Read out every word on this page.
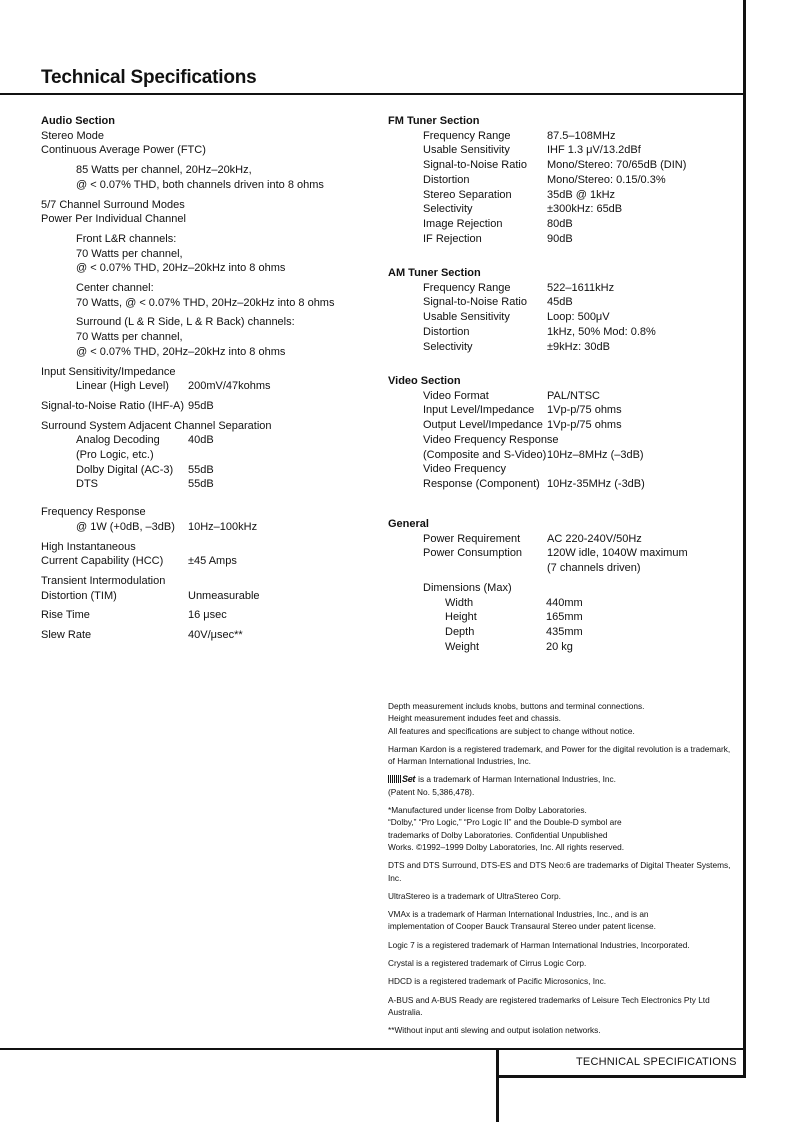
Technical Specifications
Audio Section
Stereo Mode
Continuous Average Power (FTC)
85 Watts per channel, 20Hz–20kHz,
@ < 0.07% THD, both channels driven into 8 ohms
5/7 Channel Surround Modes
Power Per Individual Channel
Front L&R channels:
70 Watts per channel,
@ < 0.07% THD, 20Hz–20kHz into 8 ohms
Center channel:
70 Watts, @ < 0.07% THD, 20Hz–20kHz into 8 ohms
Surround (L & R Side, L & R Back) channels:
70 Watts per channel,
@ < 0.07% THD, 20Hz–20kHz into 8 ohms
Input Sensitivity/Impedance
Linear (High Level)	200mV/47kohms
Signal-to-Noise Ratio (IHF-A) 95dB
Surround System Adjacent Channel Separation
Analog Decoding	40dB
(Pro Logic, etc.)
Dolby Digital (AC-3)	55dB
DTS	55dB
Frequency Response
@ 1W (+0dB, –3dB)	10Hz–100kHz
High Instantaneous
Current Capability (HCC)	±45 Amps
Transient Intermodulation
Distortion (TIM)	Unmeasurable
Rise Time	16 μsec
Slew Rate	40V/μsec**
FM Tuner Section
Frequency Range	87.5–108MHz
Usable Sensitivity	IHF 1.3 μV/13.2dBf
Signal-to-Noise Ratio	Mono/Stereo: 70/65dB (DIN)
Distortion	Mono/Stereo: 0.15/0.3%
Stereo Separation	35dB @ 1kHz
Selectivity	±300kHz: 65dB
Image Rejection	80dB
IF Rejection	90dB
AM Tuner Section
Frequency Range	522–1611kHz
Signal-to-Noise Ratio	45dB
Usable Sensitivity	Loop: 500μV
Distortion	1kHz, 50% Mod: 0.8%
Selectivity	±9kHz: 30dB
Video Section
Video Format	PAL/NTSC
Input Level/Impedance	1Vp-p/75 ohms
Output Level/Impedance 1Vp-p/75 ohms
Video Frequency Response
(Composite and S-Video) 10Hz–8MHz (–3dB)
Video Frequency
Response (Component) 10Hz-35MHz (-3dB)
General
Power Requirement	AC 220-240V/50Hz
Power Consumption	120W idle, 1040W maximum
(7 channels driven)
Dimensions (Max)
Width	440mm
Height	165mm
Depth	435mm
Weight	20 kg

Depth measurement includs knobs, buttons and terminal connections.
Height measurement indudes feet and chassis.
All features and specifications are subject to change without notice.

Harman Kardon is a registered trademark, and Power for the digital revolution is a trademark, of Harman International Industries, Inc.

Set is a trademark of Harman International Industries, Inc.
(Patent No. 5,386,478).

*Manufactured under license from Dolby Laboratories.
“Dolby,” “Pro Logic,” “Pro Logic II” and the Double-D symbol are
trademarks of Dolby Laboratories. Confidential Unpublished
Works. ©1992–1999 Dolby Laboratories, Inc. All rights reserved.

DTS and DTS Surround, DTS-ES and DTS Neo:6 are trademarks of Digital Theater Systems, Inc.

UltraStereo is a trademark of UltraStereo Corp.

VMAx is a trademark of Harman International Industries, Inc., and is an
implementation of Cooper Bauck Transaural Stereo under patent license.

Logic 7 is a registered trademark of Harman International Industries, Incorporated.

Crystal is a registered trademark of Cirrus Logic Corp.

HDCD is a registered trademark of Pacific Microsonics, Inc.

A-BUS and A-BUS Ready are registered trademarks of Leisure Tech Electronics Pty Ltd Australia.

**Without input anti slewing and output isolation networks.

TECHNICAL SPECIFICATIONS
